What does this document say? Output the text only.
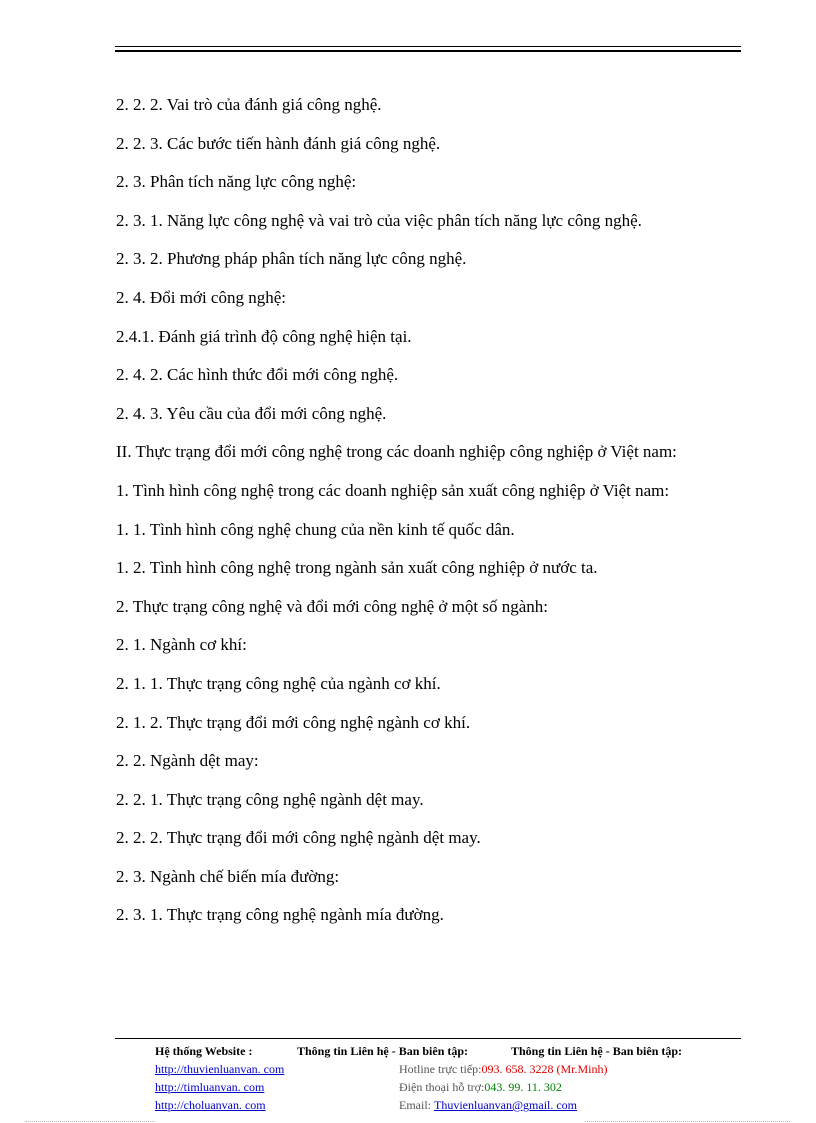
2. 2. 2. Vai trò của đánh giá công nghệ.
2. 2. 3. Các bước tiến hành đánh giá công nghệ.
2. 3. Phân tích năng lực công nghệ:
2. 3. 1. Năng lực công nghệ và vai trò của việc phân tích năng lực công nghệ.
2. 3. 2. Phương pháp phân tích năng lực công nghệ.
2. 4. Đổi mới công nghệ:
2.4.1. Đánh giá trình độ công nghệ hiện tại.
2. 4. 2. Các hình thức đổi mới công nghệ.
2. 4. 3. Yêu cầu của đổi mới công nghệ.
II. Thực trạng đổi mới công nghệ trong các doanh nghiệp công nghiệp ở Việt nam:
1. Tình hình công nghệ trong các doanh nghiệp sản xuất công nghiệp ở Việt nam:
1. 1. Tình hình công nghệ chung của nền kinh tế quốc dân.
1. 2. Tình hình công nghệ trong ngành sản xuất công nghiệp ở nước ta.
2. Thực trạng công nghệ và đổi mới công nghệ ở một số ngành:
2. 1. Ngành cơ khí:
2. 1. 1. Thực trạng công nghệ của ngành cơ khí.
2. 1. 2. Thực trạng đổi mới công nghệ ngành cơ khí.
2. 2. Ngành dệt may:
2. 2. 1. Thực trạng công nghệ ngành dệt may.
2. 2. 2. Thực trạng đổi mới công nghệ ngành dệt may.
2. 3. Ngành chế biến mía đường:
2. 3. 1. Thực trạng công nghệ ngành mía đường.
Hệ thống Website :	Thông tin Liên hệ - Ban biên tập:	Thông tin Liên hệ - Ban biên tập:
http://thuvienluanvan. com	Hotline trực tiếp:093. 658. 3228 (Mr.Minh)
http://timluanvan. com	Điện thoại hỗ trợ:043. 99. 11. 302
http://choluanvan. com	Email: Thuvienluanvan@gmail. com
